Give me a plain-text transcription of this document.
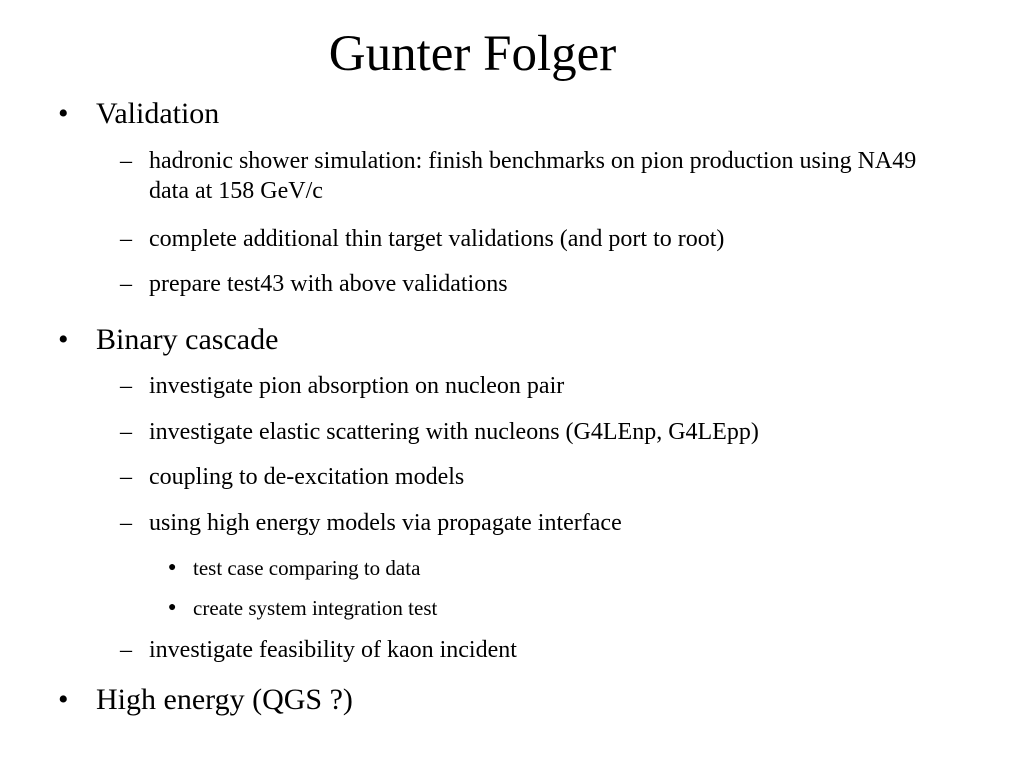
Gunter Folger
• Validation
– hadronic shower simulation: finish benchmarks on pion production using NA49 data at 158 GeV/c
– complete additional thin target validations (and port to root)
– prepare test43 with above validations
• Binary cascade
– investigate pion absorption on nucleon pair
– investigate elastic scattering with nucleons (G4LEnp, G4LEpp)
– coupling to de-excitation models
– using high energy models via propagate interface
● test case comparing to data
● create system integration test
– investigate feasibility of kaon incident
• High energy (QGS ?)
